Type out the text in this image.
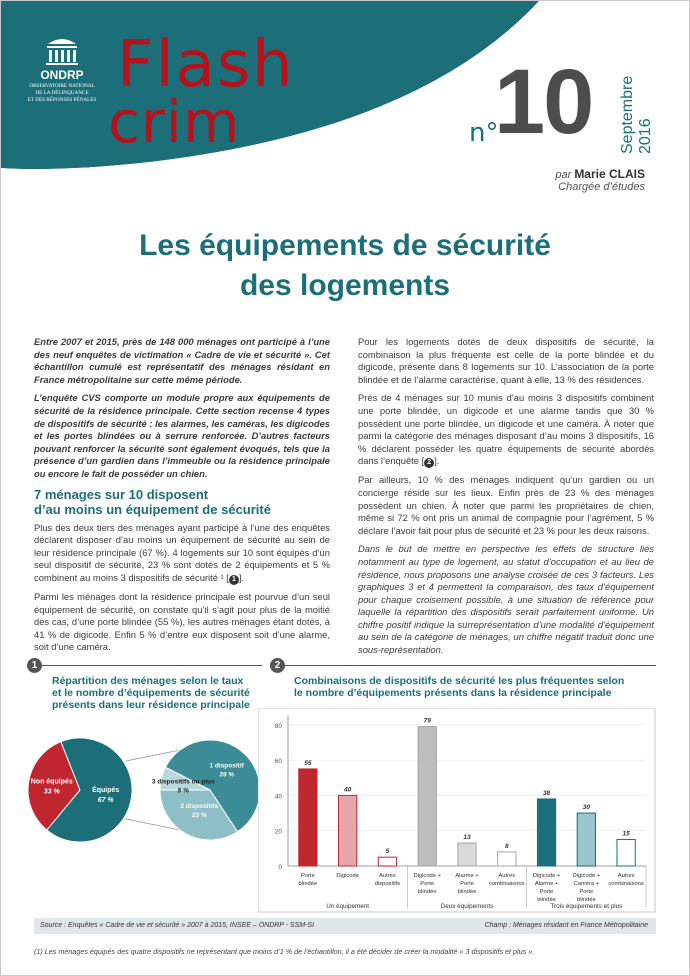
ONDRP
OBSERVATOIRE NATIONAL
DE LA DÉLINQUANCE
ET DES RÉPONSES PÉNALES Flash
crim	n°
10 Septembre 2016
par Marie CLAIS
Chargée d’études
Les équipements de sécurité
des logements

Entre 2007 et 2015, près de 148 000 ménages ont participé à l’une des neuf enquêtes de victimation « Cadre de vie et sécurité ». Cet échantillon cumulé est représentatif des ménages résidant en France métropolitaine sur cette même période.

L’enquête CVS comporte un module propre aux équipements de sécurité de la résidence principale. Cette section recense 4 types de dispositifs de sécurité : les alarmes, les caméras, les digicodes et les portes blindées ou à serrure renforcée. D’autres facteurs pouvant renforcer la sécurité sont également évoqués, tels que la présence d’un gardien dans l’immeuble ou la résidence principale ou encore le fait de posséder un chien.

7 ménages sur 10 disposent
d’au moins un équipement de sécurité

Plus des deux tiers des ménages ayant participé à l’une des enquêtes déclarent disposer d’au moins un équipement de sécurité au sein de leur résidence principale (67 %). 4 logements sur 10 sont équipés d’un seul dispositif de sécurité, 23 % sont dotés de 2 équipements et 5 % combinent au moins 3 dispositifs de sécurité ¹ [ 1 ].

Parmi les ménages dont la résidence principale est pourvue d’un seul équipement de sécurité, on constate qu’il s’agit pour plus de la moitié des cas, d’une porte blindée (55 %), les autres ménages étant dotés, à 41 % de digicode. Enfin 5 % d’entre eux disposent soit d’une alarme, soit d’une caméra.

Pour les logements dotés de deux dispositifs de sécurité, la combinaison la plus fréquente est celle de la porte blindée et du digicode, présente dans 8 logements sur 10. L’association de la porte blindée et de l’alarme caractérise, quant à elle, 13 % des résidences.

Près de 4 ménages sur 10 munis d’au moins 3 dispositifs combinent une porte blindée, un digicode et une alarme tandis que 30 % possèdent une porte blindée, un digicode et une caméra. À noter que parmi la catégorie des ménages disposant d’au moins 3 dispositifs, 16 % déclarent posséder les quatre équipements de sécurité abordés dans l’enquête [ 2 ].

Par ailleurs, 10 % des ménages indiquent qu’un gardien ou un concierge réside sur les lieux. Enfin près de 23 % des ménages possèdent un chien. À noter que parmi les propriétaires de chien, même si 72 % ont pris un animal de compagnie pour l’agrément, 5 % déclare l’avoir fait pour plus de sécurité et 23 % pour les deux raisons.

Dans le but de mettre en perspective les effets de structure liés notamment au type de logement, au statut d’occupation et au lieu de résidence, nous proposons une analyse croisée de ces 3 facteurs. Les graphiques 3 et 4 permettent la comparaison, des taux d’équipement pour chaque croisement possible, à une situation de référence pour laquelle la répartition des dispositifs serait parfaitement uniforme. Un chiffre positif indique la surreprésentation d’une modalité d’équipement au sein de la catégorie de ménages, un chiffre négatif traduit donc une sous-représentation.

1
Répartition des ménages selon le taux
et le nombre d’équipements de sécurité
présents dans leur résidence principale
Non équipés
33 %	Équipés
67 %
1 dispositif
39 %
2 dispositifs
23 %
3 dispositifs ou plus
5 %
2
Combinaisons de dispositifs de sécurité les plus fréquentes selon
le nombre d’équipements présents dans la résidence principale
0
20
40
60
80
55
Porte
blindée
40
Digicode
5
Autres
dispositifs
Un équipement
79
Digicode +
Porte
blindée
13
Alarme +
Porte
blindée
8
Autres
combinaisons
Deux équipements
38
Digicode +
Alarme +
Porte
blindée
30
Digicode +
Caméra +
Porte
blindée
15
Autres
combinaisons
Trois équipements et plus
Source : Enquêtes « Cadre de vie et sécurité » 2007 à 2015, INSEE – ONDRP - SSM-SI	Champ : Ménages résidant en France Métropolitaine
(1) Les ménages équipés des quatre dispositifs ne représentant que moins d’1 % de l’échantillon, il a été décider de créer la modalité « 3 dispositifs et plus ».
